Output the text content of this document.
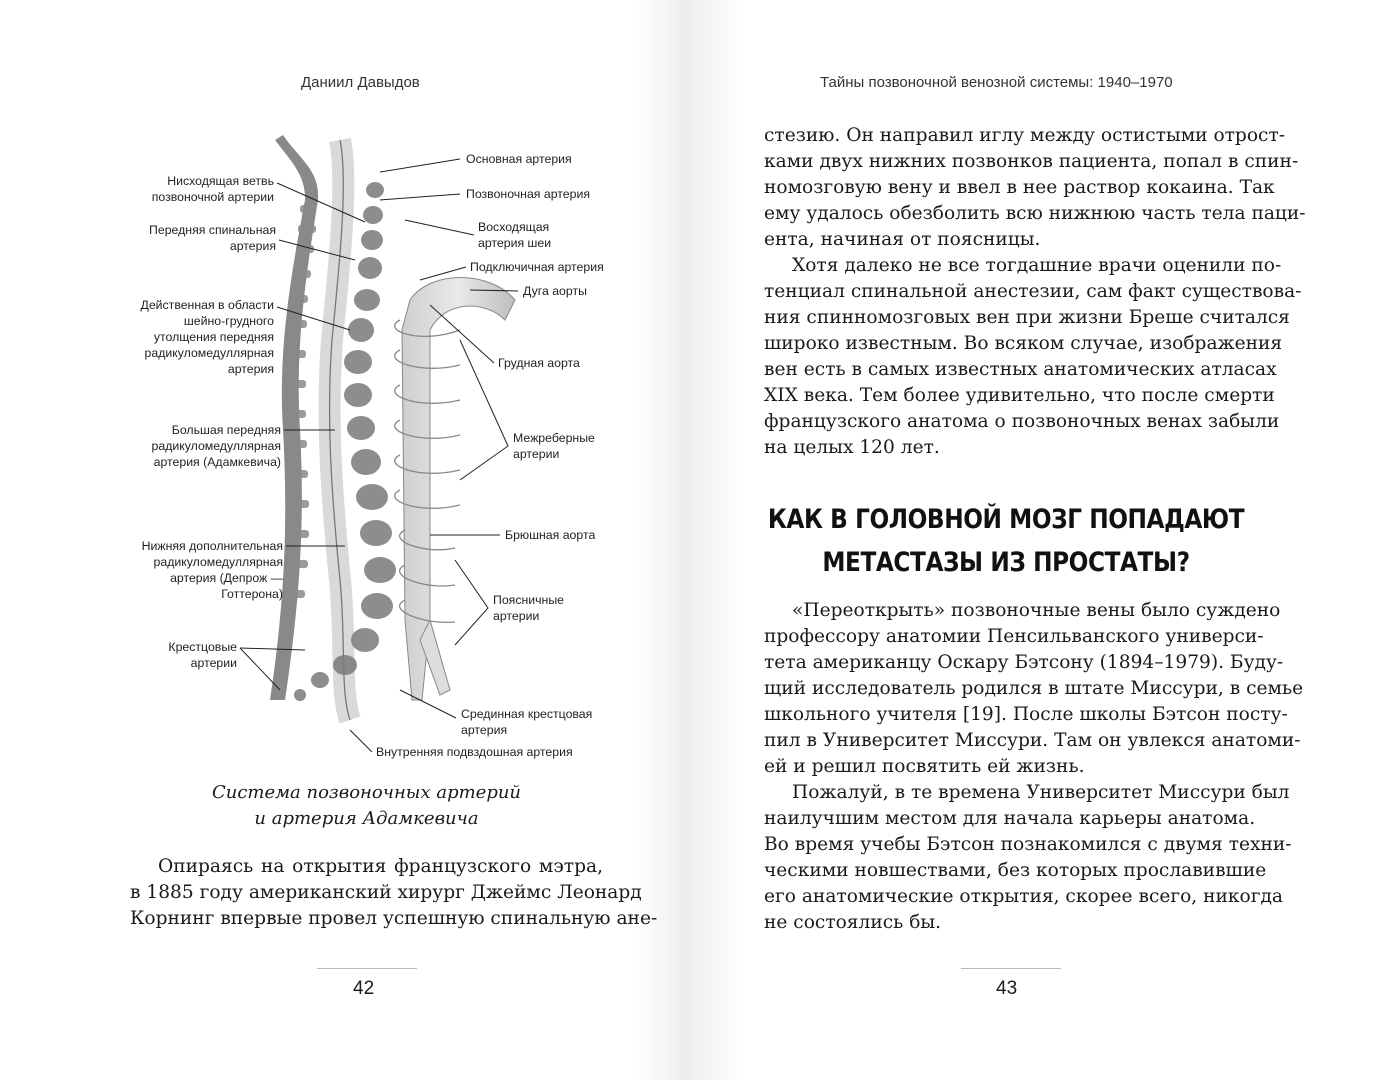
Даниил Давыдов
Нисходящая ветвь
позвоночной артерии
Передняя спинальная
артерия
Действенная в области
шейно-грудного
утолщения передняя
радикуломедуллярная
артерия
Большая передняя
радикуломедуллярная
артерия (Адамкевича)
Нижняя дополнительная
радикуломедуллярная
артерия (Депрож —
Готтерона)
Крестцовые
артерии
Основная артерия
Позвоночная артерия
Восходящая
артерия шеи
Подключичная артерия
Дуга аорты
Грудная аорта
Межреберные
артерии
Брюшная аорта
Поясничные
артерии
Срединная крестцовая
артерия
Внутренняя подвздошная артерия
Система позвоночных артерий
и артерия Адамкевича
Опираясь на открытия французского мэтра,
в 1885 году американский хирург Джеймс Леонард
Корнинг впервые провел успешную спинальную ане-
42
Тайны позвоночной венозной системы: 1940–1970
стезию. Он направил иглу между остистыми отрост-
ками двух нижних позвонков пациента, попал в спин-
номозговую вену и ввел в нее раствор кокаина. Так
ему удалось обезболить всю нижнюю часть тела паци-
ента, начиная от поясницы.
Хотя далеко не все тогдашние врачи оценили по-
тенциал спинальной анестезии, сам факт существова-
ния спинномозговых вен при жизни Бреше считался
широко известным. Во всяком случае, изображения
вен есть в самых известных анатомических атласах
XIX века. Тем более удивительно, что после смерти
французского анатома о позвоночных венах забыли
на целых 120 лет.
КАК В ГОЛОВНОЙ МОЗГ ПОПАДАЮТ
МЕТАСТАЗЫ ИЗ ПРОСТАТЫ?
«Переоткрыть» позвоночные вены было суждено
профессору анатомии Пенсильванского универси-
тета американцу Оскару Бэтсону (1894–1979). Буду-
щий исследователь родился в штате Миссури, в семье
школьного учителя [19]. После школы Бэтсон посту-
пил в Университет Миссури. Там он увлекся анатоми-
ей и решил посвятить ей жизнь.
Пожалуй, в те времена Университет Миссури был
наилучшим местом для начала карьеры анатома.
Во время учебы Бэтсон познакомился с двумя техни-
ческими новшествами, без которых прославившие
его анатомические открытия, скорее всего, никогда
не состоялись бы.
43
